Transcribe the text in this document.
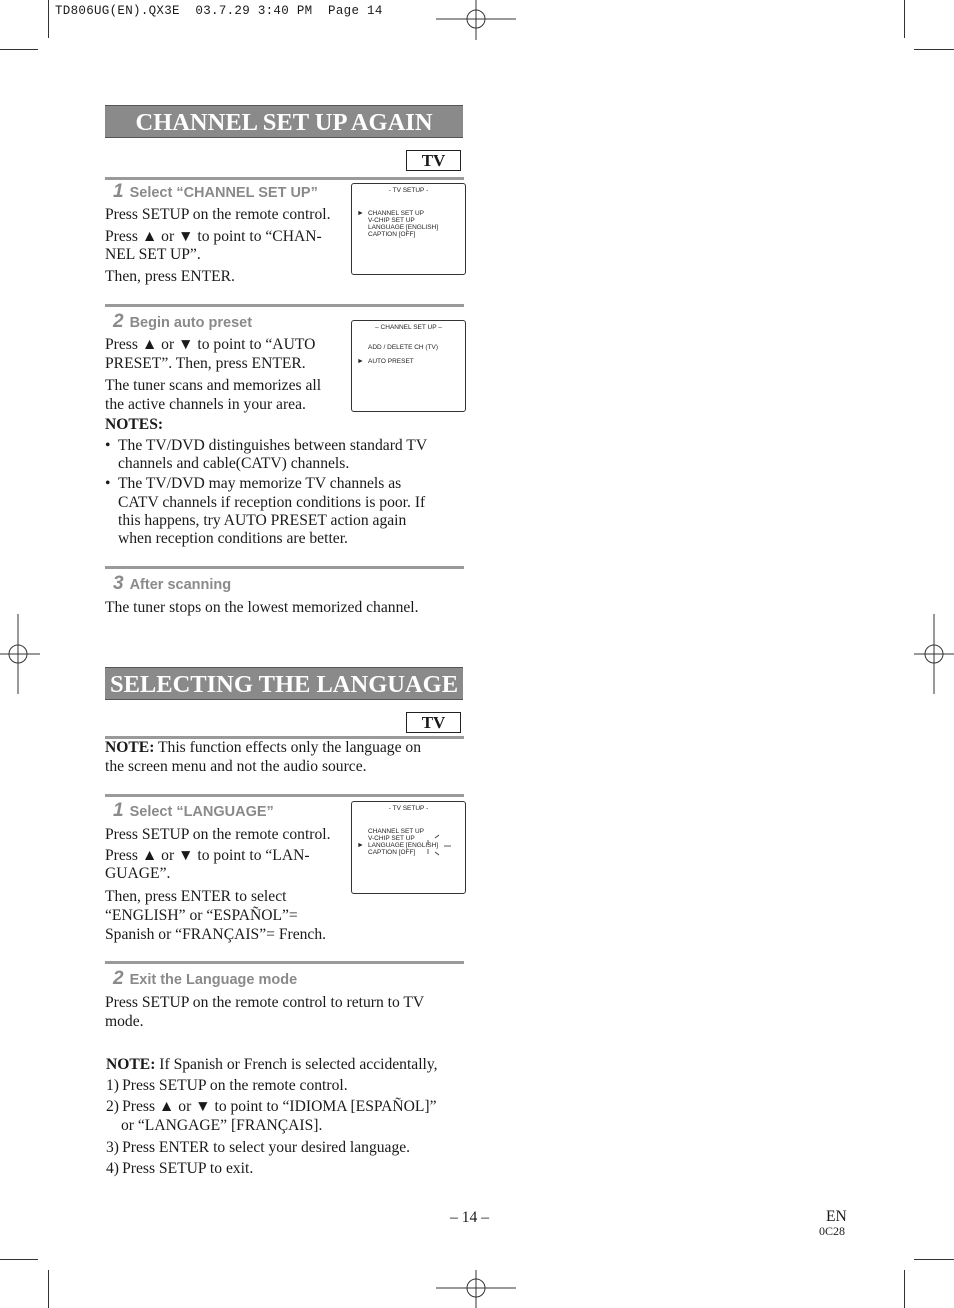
TD806UG(EN).QX3E  03.7.29 3:40 PM  Page 14
CHANNEL SET UP AGAIN
TV
1 Select “CHANNEL SET UP”
Press SETUP on the remote control.
Press ▲ or ▼ to point to “CHAN-
NEL SET UP”.
Then, press ENTER.
- TV SETUP -
► CHANNEL SET UP
V-CHIP SET UP
LANGUAGE [ENGLISH]
CAPTION [OFF]
2 Begin auto preset
Press ▲ or ▼ to point to “AUTO
PRESET”. Then, press ENTER.
The tuner scans and memorizes all
the active channels in your area.
– CHANNEL SET UP –
ADD / DELETE CH (TV)
► AUTO PRESET
NOTES:
• The TV/DVD distinguishes between standard TV
channels and cable(CATV) channels.
• The TV/DVD may memorize TV channels as
CATV channels if reception conditions is poor. If
this happens, try AUTO PRESET action again
when reception conditions are better.
3 After scanning
The tuner stops on the lowest memorized channel.
SELECTING THE LANGUAGE
TV
NOTE: This function effects only the language on
the screen menu and not the audio source.
1 Select “LANGUAGE”
Press SETUP on the remote control.
Press ▲ or ▼ to point to “LAN-
GUAGE”.
Then, press ENTER to select
“ENGLISH” or “ESPAÑOL”=
Spanish or “FRANÇAIS”= French.
- TV SETUP -
CHANNEL SET UP
V-CHIP SET UP
► LANGUAGE [ENGLISH]
CAPTION [OFF]
2 Exit the Language mode
Press SETUP on the remote control to return to TV
mode.
NOTE: If Spanish or French is selected accidentally,
1) Press SETUP on the remote control.
2) Press ▲ or ▼ to point to “IDIOMA [ESPAÑOL]”
or “LANGAGE” [FRANÇAIS].
3) Press ENTER to select your desired language.
4) Press SETUP to exit.
– 14 –	EN
0C28
